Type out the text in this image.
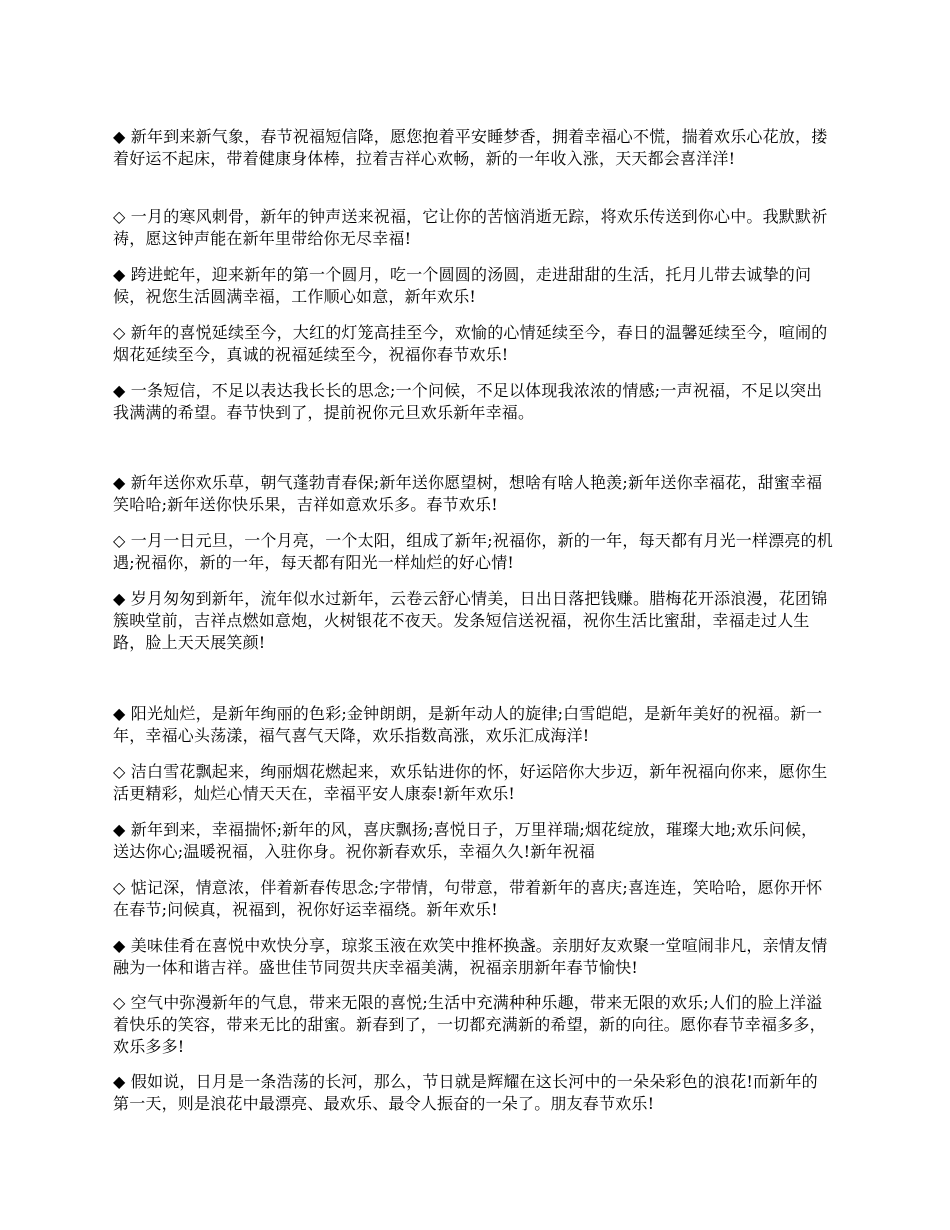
◆ 新年到来新气象，春节祝福短信降，愿您抱着平安睡梦香，拥着幸福心不慌，揣着欢乐心花放，搂着好运不起床，带着健康身体棒，拉着吉祥心欢畅，新的一年收入涨，天天都会喜洋洋!

◇ 一月的寒风刺骨，新年的钟声送来祝福，它让你的苦恼消逝无踪，将欢乐传送到你心中。我默默祈祷，愿这钟声能在新年里带给你无尽幸福!

◆ 跨进蛇年，迎来新年的第一个圆月，吃一个圆圆的汤圆，走进甜甜的生活，托月儿带去诚挚的问候，祝您生活圆满幸福，工作顺心如意，新年欢乐!

◇ 新年的喜悦延续至今，大红的灯笼高挂至今，欢愉的心情延续至今，春日的温馨延续至今，喧闹的烟花延续至今，真诚的祝福延续至今，祝福你春节欢乐!

◆ 一条短信，不足以表达我长长的思念;一个问候，不足以体现我浓浓的情感;一声祝福，不足以突出我满满的希望。春节快到了，提前祝你元旦欢乐新年幸福。

◆ 新年送你欢乐草，朝气蓬勃青春保;新年送你愿望树，想啥有啥人艳羡;新年送你幸福花，甜蜜幸福笑哈哈;新年送你快乐果，吉祥如意欢乐多。春节欢乐!

◇ 一月一日元旦，一个月亮，一个太阳，组成了新年;祝福你，新的一年，每天都有月光一样漂亮的机遇;祝福你，新的一年，每天都有阳光一样灿烂的好心情!

◆ 岁月匆匆到新年，流年似水过新年，云卷云舒心情美，日出日落把钱赚。腊梅花开添浪漫，花团锦簇映堂前，吉祥点燃如意炮，火树银花不夜天。发条短信送祝福，祝你生活比蜜甜，幸福走过人生路，脸上天天展笑颜!

◆ 阳光灿烂，是新年绚丽的色彩;金钟朗朗，是新年动人的旋律;白雪皑皑，是新年美好的祝福。新一年，幸福心头荡漾，福气喜气天降，欢乐指数高涨，欢乐汇成海洋!

◇ 洁白雪花飘起来，绚丽烟花燃起来，欢乐钻进你的怀，好运陪你大步迈，新年祝福向你来，愿你生活更精彩，灿烂心情天天在，幸福平安人康泰!新年欢乐!

◆ 新年到来，幸福揣怀;新年的风，喜庆飘扬;喜悦日子，万里祥瑞;烟花绽放，璀璨大地;欢乐问候，送达你心;温暖祝福，入驻你身。祝你新春欢乐，幸福久久!新年祝福

◇ 惦记深，情意浓，伴着新春传思念;字带情，句带意，带着新年的喜庆;喜连连，笑哈哈，愿你开怀在春节;问候真，祝福到，祝你好运幸福绕。新年欢乐!

◆ 美味佳肴在喜悦中欢快分享，琼浆玉液在欢笑中推杯换盏。亲朋好友欢聚一堂喧闹非凡，亲情友情融为一体和谐吉祥。盛世佳节同贺共庆幸福美满，祝福亲朋新年春节愉快!

◇ 空气中弥漫新年的气息，带来无限的喜悦;生活中充满种种乐趣，带来无限的欢乐;人们的脸上洋溢着快乐的笑容，带来无比的甜蜜。新春到了，一切都充满新的希望，新的向往。愿你春节幸福多多，欢乐多多!

◆ 假如说，日月是一条浩荡的长河，那么，节日就是辉耀在这长河中的一朵朵彩色的浪花!而新年的第一天，则是浪花中最漂亮、最欢乐、最令人振奋的一朵了。朋友春节欢乐!
